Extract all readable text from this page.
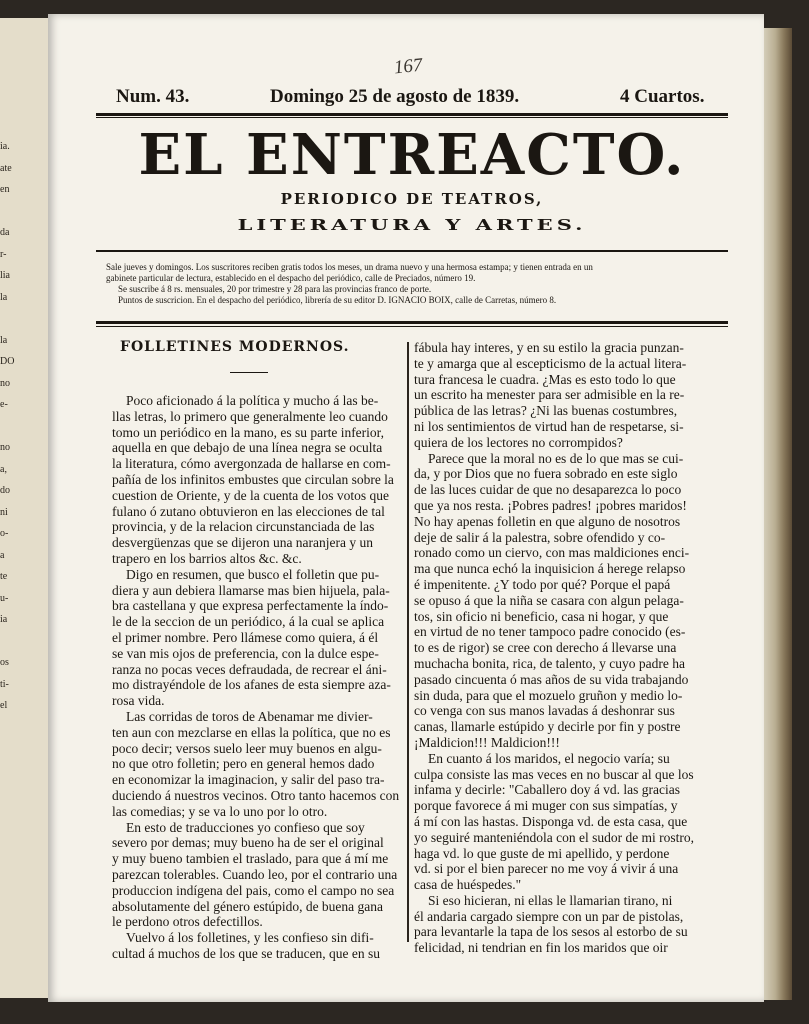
ia.
ate
en
da
r-
lia
la
la
DO
no
e-
no
a,
do
ni
o-
a
te
u-
ia
os
ti-
el
167
Num. 43.	Domingo 25 de agosto de 1839.	4 Cuartos.
EL ENTREACTO.
PERIODICO DE TEATROS,
LITERATURA Y ARTES.
Sale jueves y domingos. Los suscritores reciben gratis todos los meses, un drama nuevo y una hermosa estampa; y tienen entrada en un
gabinete particular de lectura, establecido en el despacho del periódico, calle de Preciados, número 19.
Se suscribe á 8 rs. mensuales, 20 por trimestre y 28 para las provincias franco de porte.
Puntos de suscricion. En el despacho del periódico, librería de su editor D. IGNACIO BOIX, calle de Carretas, número 8.
FOLLETINES MODERNOS.
Poco aficionado á la política y mucho á las be-
llas letras, lo primero que generalmente leo cuando
tomo un periódico en la mano, es su parte inferior,
aquella en que debajo de una línea negra se oculta
la literatura, cómo avergonzada de hallarse en com-
pañía de los infinitos embustes que circulan sobre la
cuestion de Oriente, y de la cuenta de los votos que
fulano ó zutano obtuvieron en las elecciones de tal
provincia, y de la relacion circunstanciada de las
desvergüenzas que se dijeron una naranjera y un
trapero en los barrios altos &c. &c.
Digo en resumen, que busco el folletin que pu-
diera y aun debiera llamarse mas bien hijuela, pala-
bra castellana y que expresa perfectamente la índo-
le de la seccion de un periódico, á la cual se aplica
el primer nombre. Pero llámese como quiera, á él
se van mis ojos de preferencia, con la dulce espe-
ranza no pocas veces defraudada, de recrear el áni-
mo distrayéndole de los afanes de esta siempre aza-
rosa vida.
Las corridas de toros de Abenamar me divier-
ten aun con mezclarse en ellas la política, que no es
poco decir; versos suelo leer muy buenos en algu-
no que otro folletin; pero en general hemos dado
en economizar la imaginacion, y salir del paso tra-
duciendo á nuestros vecinos. Otro tanto hacemos con
las comedias; y se va lo uno por lo otro.
En esto de traducciones yo confieso que soy
severo por demas; muy bueno ha de ser el original
y muy bueno tambien el traslado, para que á mí me
parezcan tolerables. Cuando leo, por el contrario una
produccion indígena del pais, como el campo no sea
absolutamente del género estúpido, de buena gana
le perdono otros defectillos.
Vuelvo á los folletines, y les confieso sin difi-
cultad á muchos de los que se traducen, que en su
fábula hay interes, y en su estilo la gracia punzan-
te y amarga que al escepticismo de la actual litera-
tura francesa le cuadra. ¿Mas es esto todo lo que
un escrito ha menester para ser admisible en la re-
pública de las letras? ¿Ni las buenas costumbres,
ni los sentimientos de virtud han de respetarse, si-
quiera de los lectores no corrompidos?
Parece que la moral no es de lo que mas se cui-
da, y por Dios que no fuera sobrado en este siglo
de las luces cuidar de que no desaparezca lo poco
que ya nos resta. ¡Pobres padres! ¡pobres maridos!
No hay apenas folletin en que alguno de nosotros
deje de salir á la palestra, sobre ofendido y co-
ronado como un ciervo, con mas maldiciones enci-
ma que nunca echó la inquisicion á herege relapso
é impenitente. ¿Y todo por qué? Porque el papá
se opuso á que la niña se casara con algun pelaga-
tos, sin oficio ni beneficio, casa ni hogar, y que
en virtud de no tener tampoco padre conocido (es-
to es de rigor) se cree con derecho á llevarse una
muchacha bonita, rica, de talento, y cuyo padre ha
pasado cincuenta ó mas años de su vida trabajando
sin duda, para que el mozuelo gruñon y medio lo-
co venga con sus manos lavadas á deshonrar sus
canas, llamarle estúpido y decirle por fin y postre
¡Maldicion!!! Maldicion!!!
En cuanto á los maridos, el negocio varía; su
culpa consiste las mas veces en no buscar al que los
infama y decirle: "Caballero doy á vd. las gracias
porque favorece á mi muger con sus simpatías, y
á mí con las hastas. Disponga vd. de esta casa, que
yo seguiré manteniéndola con el sudor de mi rostro,
haga vd. lo que guste de mi apellido, y perdone
vd. si por el bien parecer no me voy á vivir á una
casa de huéspedes."
Si eso hicieran, ni ellas le llamarian tirano, ni
él andaria cargado siempre con un par de pistolas,
para levantarle la tapa de los sesos al estorbo de su
felicidad, ni tendrian en fin los maridos que oir
